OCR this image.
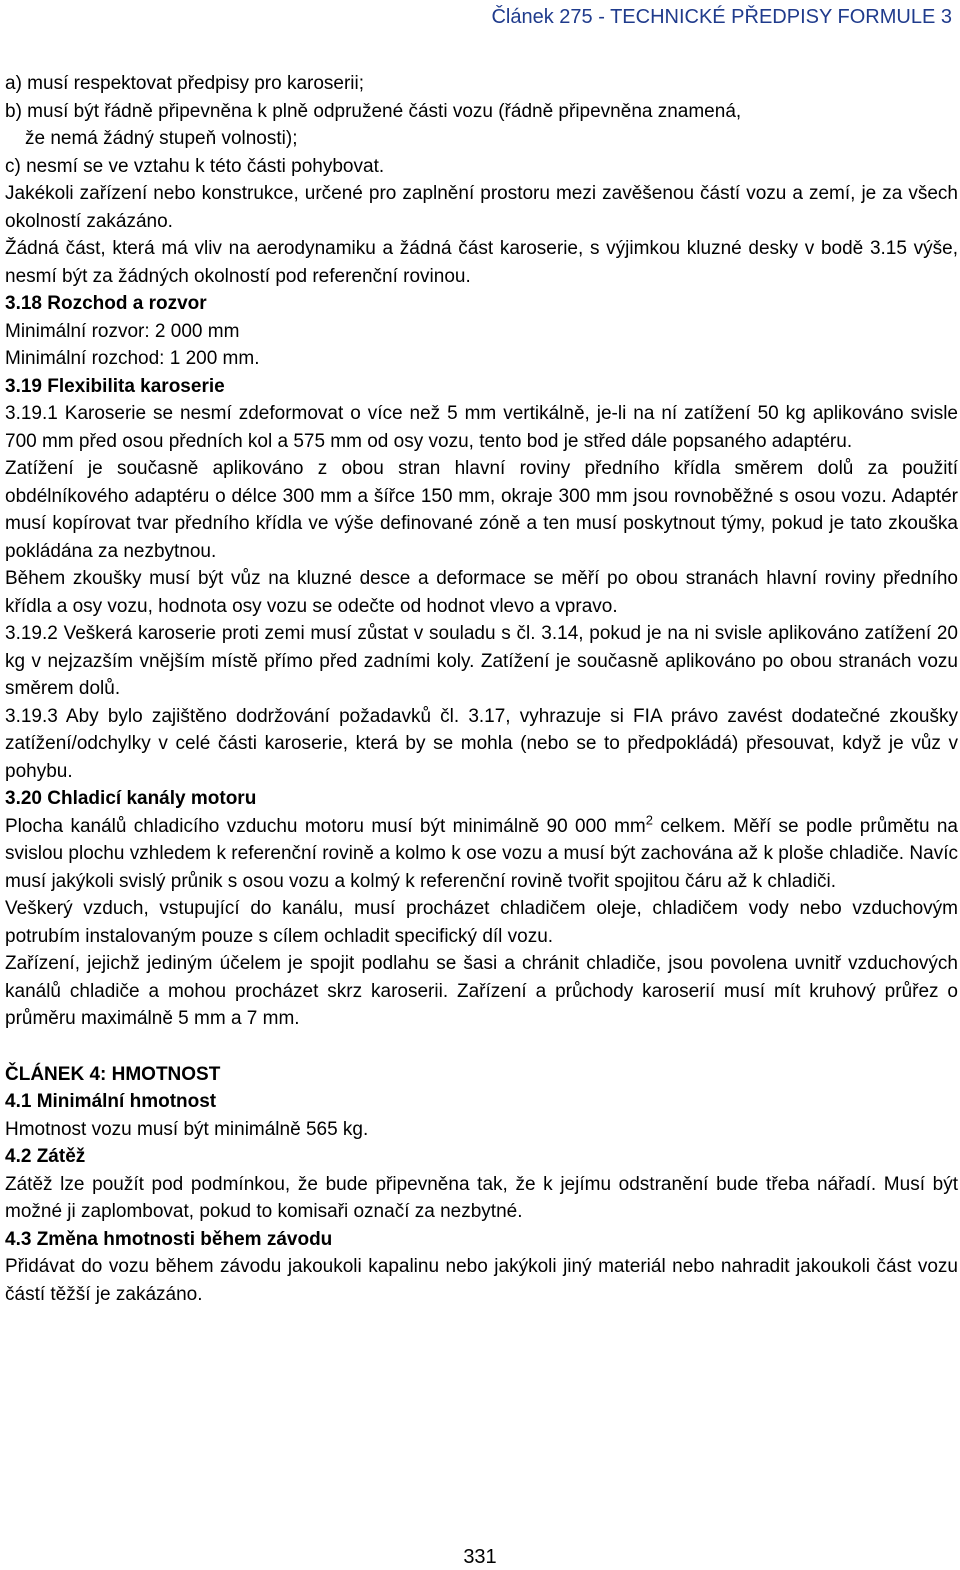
Článek 275 - TECHNICKÉ PŘEDPISY FORMULE 3

a) musí respektovat předpisy pro karoserii;

b) musí být řádně připevněna k plně odpružené části vozu (řádně připevněna znamená,

že nemá žádný stupeň volnosti);

c) nesmí se ve vztahu k této části pohybovat.

Jakékoli zařízení nebo konstrukce, určené pro zaplnění prostoru mezi zavěšenou částí vozu a zemí, je za všech okolností zakázáno.

Žádná část, která má vliv na aerodynamiku a žádná část karoserie, s výjimkou kluzné desky v bodě 3.15 výše, nesmí být za žádných okolností pod referenční rovinou.

3.18 Rozchod a rozvor

Minimální rozvor: 2 000 mm

Minimální rozchod: 1 200 mm.

3.19 Flexibilita karoserie

3.19.1 Karoserie se nesmí zdeformovat o více než 5 mm vertikálně, je-li na ní zatížení 50 kg aplikováno svisle 700 mm před osou předních kol a 575 mm od osy vozu, tento bod je střed dále popsaného adaptéru.

Zatížení je současně aplikováno z obou stran hlavní roviny předního křídla směrem dolů za použití obdélníkového adaptéru o délce 300 mm a šířce 150 mm, okraje 300 mm jsou rovnoběžné s osou vozu. Adaptér musí kopírovat tvar předního křídla ve výše definované zóně a ten musí poskytnout týmy, pokud je tato zkouška pokládána za nezbytnou.

Během zkoušky musí být vůz na kluzné desce a deformace se měří po obou stranách hlavní roviny předního křídla a osy vozu, hodnota osy vozu se odečte od hodnot vlevo a vpravo.

3.19.2 Veškerá karoserie proti zemi musí zůstat v souladu s čl. 3.14, pokud je na ni svisle aplikováno zatížení 20 kg v nejzazším vnějším místě přímo před zadními koly. Zatížení je současně aplikováno po obou stranách vozu směrem dolů.

3.19.3 Aby bylo zajištěno dodržování požadavků čl. 3.17, vyhrazuje si FIA právo zavést dodatečné zkoušky zatížení/odchylky v celé části karoserie, která by se mohla (nebo se to předpokládá) přesouvat, když je vůz v pohybu.

3.20 Chladicí kanály motoru

Plocha kanálů chladicího vzduchu motoru musí být minimálně 90 000 $mm^2$ celkem. Měří se podle průmětu na svislou plochu vzhledem k referenční rovině a kolmo k ose vozu a musí být zachována až k ploše chladiče. Navíc musí jakýkoli svislý průnik s osou vozu a kolmý k referenční rovině tvořit spojitou čáru až k chladiči.

Veškerý vzduch, vstupující do kanálu, musí procházet chladičem oleje, chladičem vody nebo vzduchovým potrubím instalovaným pouze s cílem ochladit specifický díl vozu.

Zařízení, jejichž jediným účelem je spojit podlahu se šasi a chránit chladiče, jsou povolena uvnitř vzduchových kanálů chladiče a mohou procházet skrz karoserii. Zařízení a průchody karoserií musí mít kruhový průřez o průměru maximálně 5 mm a 7 mm.

ČLÁNEK 4: HMOTNOST

4.1 Minimální hmotnost

Hmotnost vozu musí být minimálně 565 kg.

4.2 Zátěž

Zátěž lze použít pod podmínkou, že bude připevněna tak, že k jejímu odstranění bude třeba nářadí. Musí být možné ji zaplombovat, pokud to komisaři označí za nezbytné.

4.3 Změna hmotnosti během závodu

Přidávat do vozu během závodu jakoukoli kapalinu nebo jakýkoli jiný materiál nebo nahradit jakoukoli část vozu částí těžší je zakázáno.

331
